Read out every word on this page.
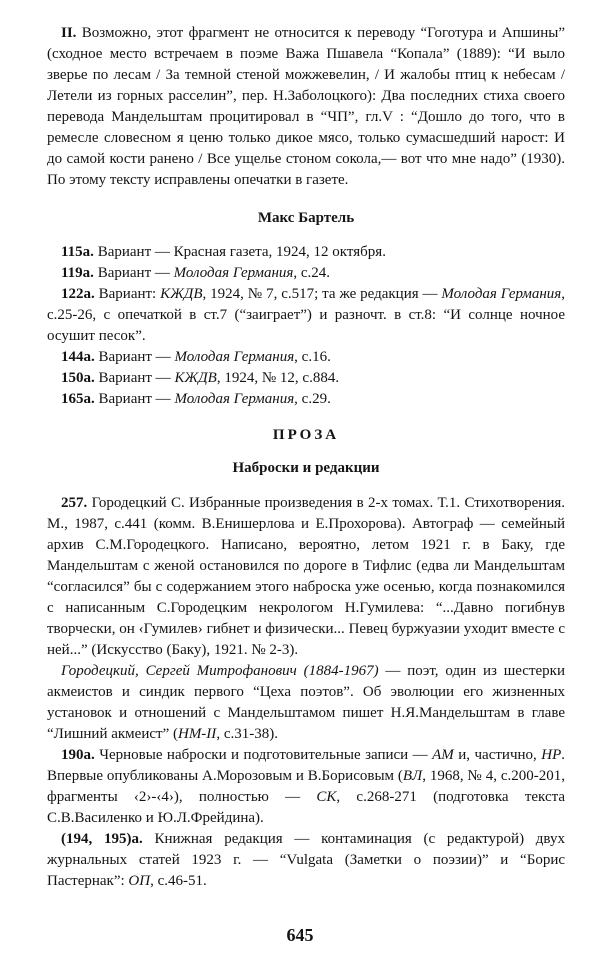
II. Возможно, этот фрагмент не относится к переводу “Гоготура и Апшины” (сходное место встречаем в поэме Важа Пшавела “Копала” (1889): “И выло зверье по лесам / За темной стеной можжевелин, / И жалобы птиц к небесам / Летели из горных расселин”, пер. Н.Заболоцкого): Два последних стиха своего перевода Мандельштам процитировал в “ЧП”, гл.V : “Дошло до того, что в ремесле словесном я ценю только дикое мясо, только сумасшедший нарост: И до самой кости ранено / Все ущелье стоном сокола,— вот что мне надо” (1930). По этому тексту исправлены опечатки в газете.

Макс Бартель

115а. Вариант — Красная газета, 1924, 12 октября.

119а. Вариант — Молодая Германия, с.24.

122а. Вариант: КЖДВ, 1924, № 7, с.517; та же редакция — Молодая Германия, с.25-26, с опечаткой в ст.7 (“заиграет”) и разночт. в ст.8: “И солнце ночное осушит песок”.

144а. Вариант — Молодая Германия, с.16.

150а. Вариант — КЖДВ, 1924, № 12, с.884.

165а. Вариант — Молодая Германия, с.29.

ПРОЗА
Наброски и редакции

257. Городецкий С. Избранные произведения в 2-х томах. Т.1. Стихотворения. М., 1987, с.441 (комм. В.Енишерлова и Е.Прохорова). Автограф — семейный архив С.М.Городецкого. Написано, вероятно, летом 1921 г. в Баку, где Мандельштам с женой остановился по дороге в Тифлис (едва ли Мандельштам “согласился” бы с содержанием этого наброска уже осенью, когда познакомился с написанным С.Городецким некрологом Н.Гумилева: “...Давно погибнув творчески, он ‹Гумилев› гибнет и физически... Певец буржуазии уходит вместе с ней...” (Искусство (Баку), 1921. № 2-3).

Городецкий, Сергей Митрофанович (1884-1967) — поэт, один из шестерки акмеистов и синдик первого “Цеха поэтов”. Об эволюции его жизненных установок и отношений с Мандельштамом пишет Н.Я.Мандельштам в главе “Лишний акмеист” (НМ-II, с.31-38).

190а. Черновые наброски и подготовительные записи — АМ и, частично, НР. Впервые опубликованы А.Морозовым и В.Борисовым (ВЛ, 1968, № 4, с.200-201, фрагменты ‹2›-‹4›), полностью — СК, с.268-271 (подготовка текста С.В.Василенко и Ю.Л.Фрейдина).

(194, 195)а. Книжная редакция — контаминация (с редактурой) двух журнальных статей 1923 г. — “Vulgata (Заметки о поэзии)” и “Борис Пастернак”: ОП, с.46-51.

645
